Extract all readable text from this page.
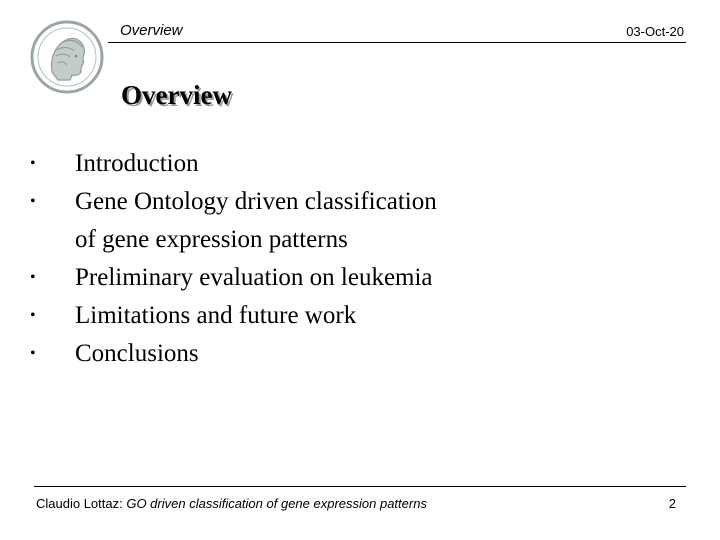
Overview	03-Oct-20
Overview
• Introduction
• Gene Ontology driven classification
of gene expression patterns
• Preliminary evaluation on leukemia
• Limitations and future work
• Conclusions
Claudio Lottaz: GO driven classification of gene expression patterns	2
